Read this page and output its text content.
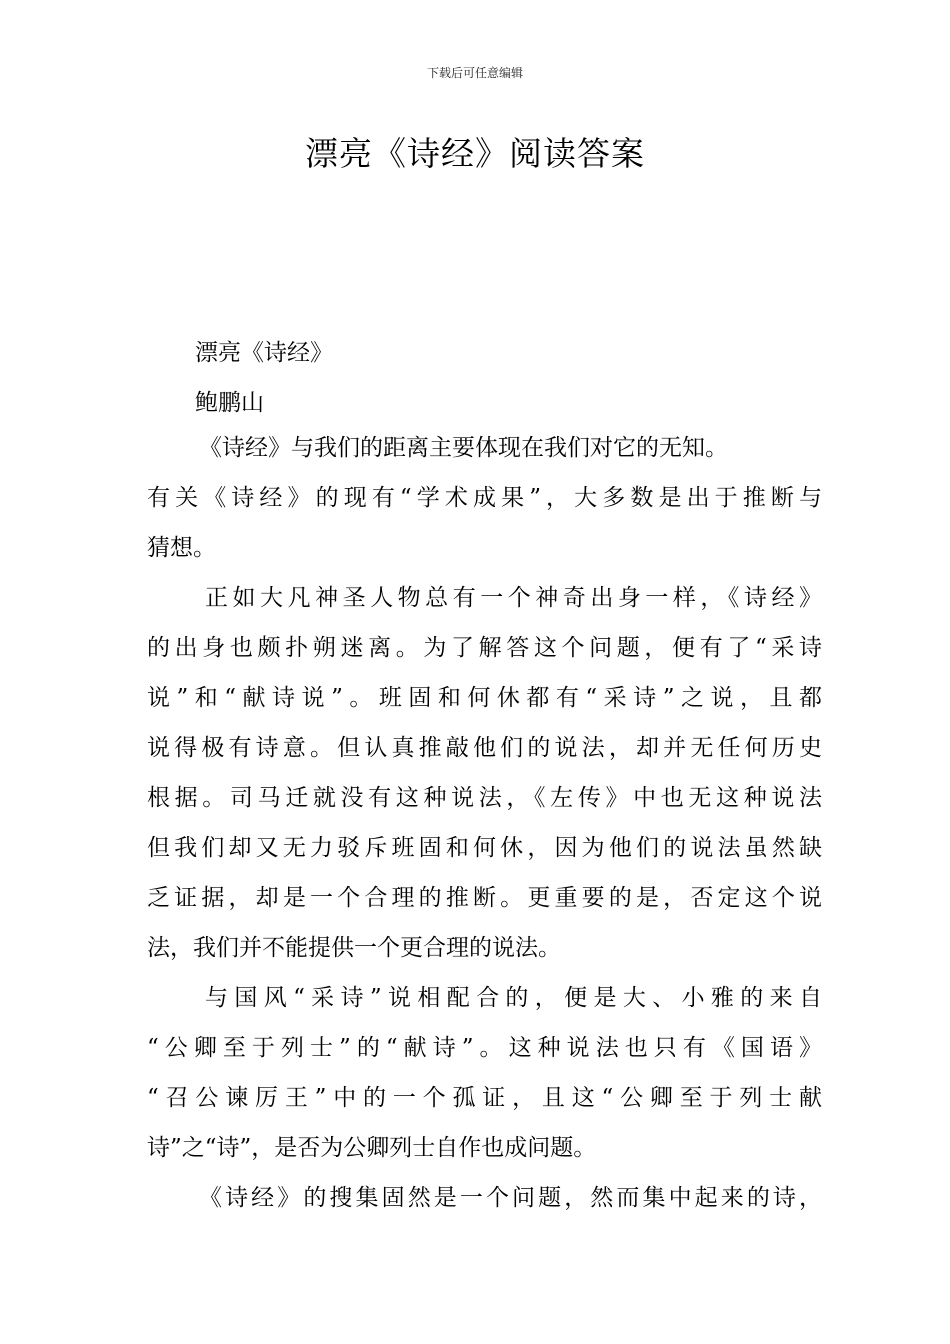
下载后可任意编辑
漂亮《诗经》阅读答案
漂亮《诗经》
鲍鹏山
《诗经》与我们的距离主要体现在我们对它的无知。
有关《诗经》的现有“学术成果”，大多数是出于推断与
猜想。
正如大凡神圣人物总有一个神奇出身一样，《诗经》
的出身也颇扑朔迷离。为了解答这个问题，便有了“采诗
说”和“献诗说”。班固和何休都有“采诗”之说，且都
说得极有诗意。但认真推敲他们的说法，却并无任何历史
根据。司马迁就没有这种说法，《左传》中也无这种说法
但我们却又无力驳斥班固和何休，因为他们的说法虽然缺
乏证据，却是一个合理的推断。更重要的是，否定这个说
法，我们并不能提供一个更合理的说法。
与国风“采诗”说相配合的，便是大、小雅的来自
“公卿至于列士”的“献诗”。这种说法也只有《国语》
“召公谏厉王”中的一个孤证，且这“公卿至于列士献
诗”之“诗”，是否为公卿列士自作也成问题。
《诗经》的搜集固然是一个问题，然而集中起来的诗，
